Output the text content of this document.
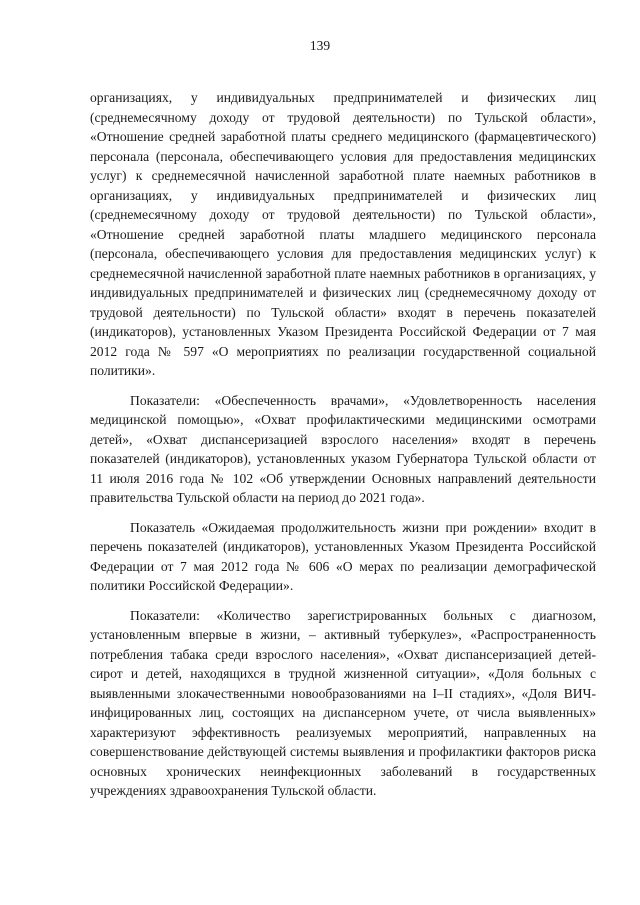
139

организациях, у индивидуальных предпринимателей и физических лиц (среднемесячному доходу от трудовой деятельности) по Тульской области», «Отношение средней заработной платы среднего медицинского (фармацевтического) персонала (персонала, обеспечивающего условия для предоставления медицинских услуг) к среднемесячной начисленной заработной плате наемных работников в организациях, у индивидуальных предпринимателей и физических лиц (среднемесячному доходу от трудовой деятельности) по Тульской области», «Отношение средней заработной платы младшего медицинского персонала (персонала, обеспечивающего условия для предоставления медицинских услуг) к среднемесячной начисленной заработной плате наемных работников в организациях, у индивидуальных предпринимателей и физических лиц (среднемесячному доходу от трудовой деятельности) по Тульской области» входят в перечень показателей (индикаторов), установленных Указом Президента Российской Федерации от 7 мая 2012 года № 597 «О мероприятиях по реализации государственной социальной политики».

Показатели: «Обеспеченность врачами», «Удовлетворенность населения медицинской помощью», «Охват профилактическими медицинскими осмотрами детей», «Охват диспансеризацией взрослого населения» входят в перечень показателей (индикаторов), установленных указом Губернатора Тульской области от 11 июля 2016 года № 102 «Об утверждении Основных направлений деятельности правительства Тульской области на период до 2021 года».

Показатель «Ожидаемая продолжительность жизни при рождении» входит в перечень показателей (индикаторов), установленных Указом Президента Российской Федерации от 7 мая 2012 года № 606 «О мерах по реализации демографической политики Российской Федерации».

Показатели: «Количество зарегистрированных больных с диагнозом, установленным впервые в жизни, – активный туберкулез», «Распространенность потребления табака среди взрослого населения», «Охват диспансеризацией детей-сирот и детей, находящихся в трудной жизненной ситуации», «Доля больных с выявленными злокачественными новообразованиями на I–II стадиях», «Доля ВИЧ-инфицированных лиц, состоящих на диспансерном учете, от числа выявленных» характеризуют эффективность реализуемых мероприятий, направленных на совершенствование действующей системы выявления и профилактики факторов риска основных хронических неинфекционных заболеваний в государственных учреждениях здравоохранения Тульской области.
